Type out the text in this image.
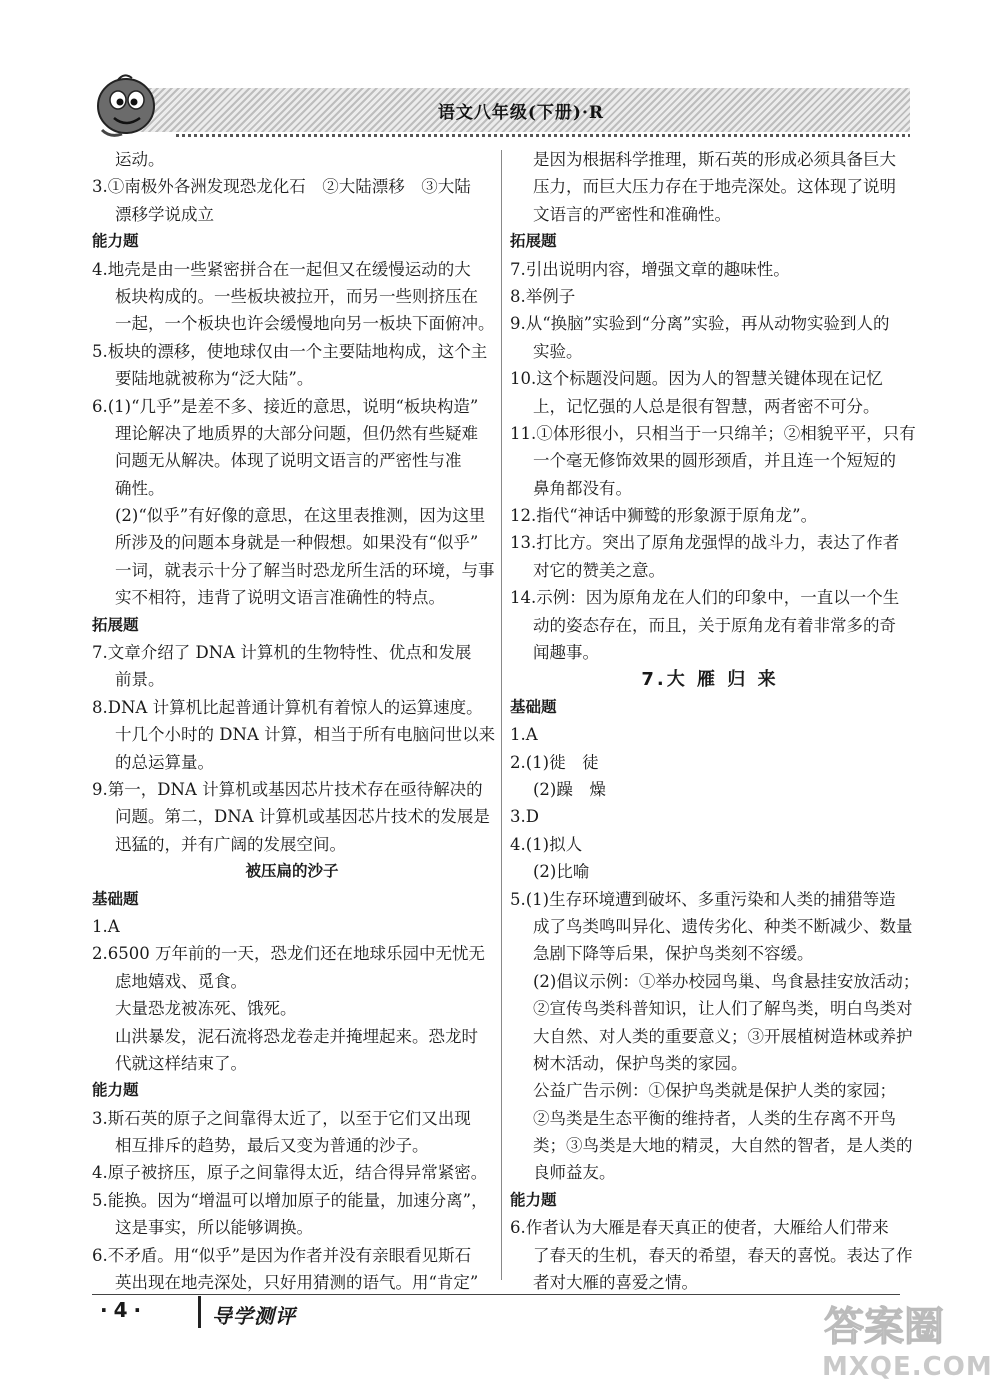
语文八年级(下册)·R
运动。
3.①南极外各洲发现恐龙化石　②大陆漂移　③大陆
漂移学说成立
能力题
4.地壳是由一些紧密拼合在一起但又在缓慢运动的大
板块构成的。一些板块被拉开，而另一些则挤压在
一起，一个板块也许会缓慢地向另一板块下面俯冲。
5.板块的漂移，使地球仅由一个主要陆地构成，这个主
要陆地就被称为“泛大陆”。
6.(1)“几乎”是差不多、接近的意思，说明“板块构造”
理论解决了地质界的大部分问题，但仍然有些疑难
问题无从解决。体现了说明文语言的严密性与准
确性。
(2)“似乎”有好像的意思，在这里表推测，因为这里
所涉及的问题本身就是一种假想。如果没有“似乎”
一词，就表示十分了解当时恐龙所生活的环境，与事
实不相符，违背了说明文语言准确性的特点。
拓展题
7.文章介绍了 DNA 计算机的生物特性、优点和发展
前景。
8.DNA 计算机比起普通计算机有着惊人的运算速度。
十几个小时的 DNA 计算，相当于所有电脑问世以来
的总运算量。
9.第一，DNA 计算机或基因芯片技术存在亟待解决的
问题。第二，DNA 计算机或基因芯片技术的发展是
迅猛的，并有广阔的发展空间。
被压扁的沙子
基础题
1.A
2.6500 万年前的一天，恐龙们还在地球乐园中无忧无
虑地嬉戏、觅食。
大量恐龙被冻死、饿死。
山洪暴发，泥石流将恐龙卷走并掩埋起来。恐龙时
代就这样结束了。
能力题
3.斯石英的原子之间靠得太近了，以至于它们又出现
相互排斥的趋势，最后又变为普通的沙子。
4.原子被挤压，原子之间靠得太近，结合得异常紧密。
5.能换。因为“增温可以增加原子的能量，加速分离”，
这是事实，所以能够调换。
6.不矛盾。用“似乎”是因为作者并没有亲眼看见斯石
英出现在地壳深处，只好用猜测的语气。用“肯定”
是因为根据科学推理，斯石英的形成必须具备巨大
压力，而巨大压力存在于地壳深处。这体现了说明
文语言的严密性和准确性。
拓展题
7.引出说明内容，增强文章的趣味性。
8.举例子
9.从“换脑”实验到“分离”实验，再从动物实验到人的
实验。
10.这个标题没问题。因为人的智慧关键体现在记忆
上，记忆强的人总是很有智慧，两者密不可分。
11.①体形很小，只相当于一只绵羊；②相貌平平，只有
一个毫无修饰效果的圆形颈盾，并且连一个短短的
鼻角都没有。
12.指代“神话中狮鹫的形象源于原角龙”。
13.打比方。突出了原角龙强悍的战斗力，表达了作者
对它的赞美之意。
14.示例：因为原角龙在人们的印象中，一直以一个生
动的姿态存在，而且，关于原角龙有着非常多的奇
闻趣事。
7.大 雁 归 来
基础题
1.A
2.(1)徙　徒
(2)躁　燥
3.D
4.(1)拟人
(2)比喻
5.(1)生存环境遭到破坏、多重污染和人类的捕猎等造
成了鸟类鸣叫异化、遗传劣化、种类不断减少、数量
急剧下降等后果，保护鸟类刻不容缓。
(2)倡议示例：①举办校园鸟巢、鸟食悬挂安放活动；
②宣传鸟类科普知识，让人们了解鸟类，明白鸟类对
大自然、对人类的重要意义；③开展植树造林或养护
树木活动，保护鸟类的家园。
公益广告示例：①保护鸟类就是保护人类的家园；
②鸟类是生态平衡的维持者，人类的生存离不开鸟
类；③鸟类是大地的精灵，大自然的智者，是人类的
良师益友。
能力题
6.作者认为大雁是春天真正的使者，大雁给人们带来
了春天的生机，春天的希望，春天的喜悦。表达了作
者对大雁的喜爱之情。
·4·	导学测评	答案圈
MXQE.COM
